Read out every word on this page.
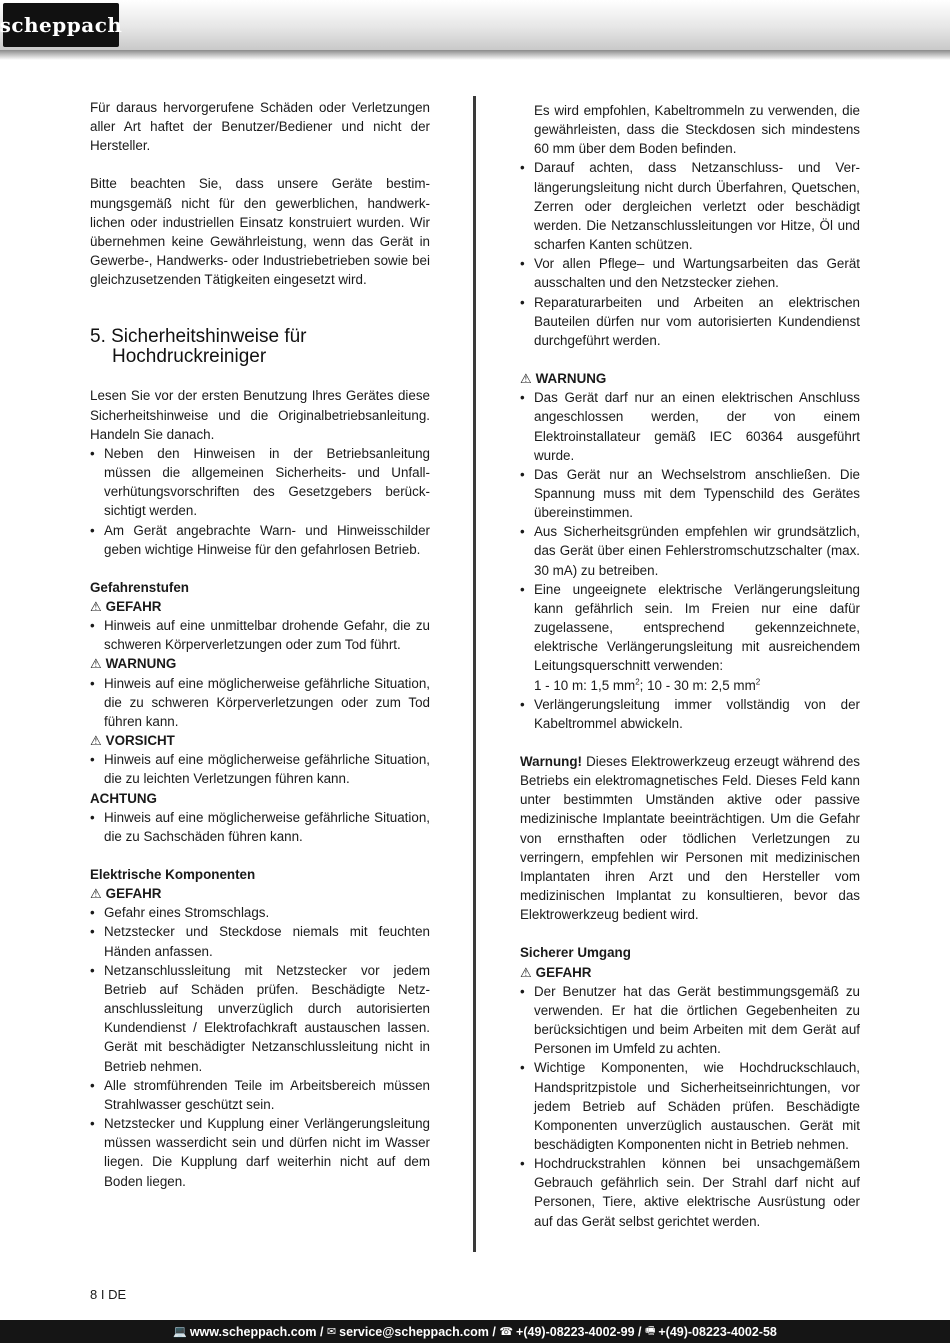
scheppach

Für daraus hervorgerufene Schäden oder Verletzungen aller Art haftet der Benutzer/Bediener und nicht der Hersteller.

Bitte beachten Sie, dass unsere Geräte bestimmungsgemäß nicht für den gewerblichen, handwerklichen oder industriellen Einsatz konstruiert wurden. Wir übernehmen keine Gewährleistung, wenn das Gerät in Gewerbe-, Handwerks- oder Industriebetrieben sowie bei gleichzusetzenden Tätigkeiten eingesetzt wird.

5. Sicherheitshinweise für Hochdruckreiniger

Lesen Sie vor der ersten Benutzung Ihres Gerätes diese Sicherheitshinweise und die Originalbetriebsanleitung. Handeln Sie danach.

• Neben den Hinweisen in der Betriebsanleitung müssen die allgemeinen Sicherheits- und Unfallverhütungsvorschriften des Gesetzgebers berücksichtigt werden.
• Am Gerät angebrachte Warn- und Hinweisschilder geben wichtige Hinweise für den gefahrlosen Betrieb.
Gefahrenstufen
⚠ GEFAHR
• Hinweis auf eine unmittelbar drohende Gefahr, die zu schweren Körperverletzungen oder zum Tod führt.
⚠ WARNUNG
• Hinweis auf eine möglicherweise gefährliche Situation, die zu schweren Körperverletzungen oder zum Tod führen kann.
⚠ VORSICHT
• Hinweis auf eine möglicherweise gefährliche Situation, die zu leichten Verletzungen führen kann.
ACHTUNG
• Hinweis auf eine möglicherweise gefährliche Situation, die zu Sachschäden führen kann.
Elektrische Komponenten
⚠ GEFAHR
• Gefahr eines Stromschlags.
• Netzstecker und Steckdose niemals mit feuchten Händen anfassen.
• Netzanschlussleitung mit Netzstecker vor jedem Betrieb auf Schäden prüfen. Beschädigte Netzanschlussleitung unverzüglich durch autorisierten Kundendienst / Elektrofachkraft austauschen lassen. Gerät mit beschädigter Netzanschlussleitung nicht in Betrieb nehmen.
• Alle stromführenden Teile im Arbeitsbereich müssen Strahlwasser geschützt sein.
• Netzstecker und Kupplung einer Verlängerungsleitung müssen wasserdicht sein und dürfen nicht im Wasser liegen. Die Kupplung darf weiterhin nicht auf dem Boden liegen.

Es wird empfohlen, Kabeltrommeln zu verwenden, die gewährleisten, dass die Steckdosen sich mindestens 60 mm über dem Boden befinden.

• Darauf achten, dass Netzanschluss- und Verlängerungsleitung nicht durch Überfahren, Quetschen, Zerren oder dergleichen verletzt oder beschädigt werden. Die Netzanschlussleitungen vor Hitze, Öl und scharfen Kanten schützen.
• Vor allen Pflege– und Wartungsarbeiten das Gerät ausschalten und den Netzstecker ziehen.
• Reparaturarbeiten und Arbeiten an elektrischen Bauteilen dürfen nur vom autorisierten Kundendienst durchgeführt werden.
⚠ WARNUNG
• Das Gerät darf nur an einen elektrischen Anschluss angeschlossen werden, der von einem Elektroinstallateur gemäß IEC 60364 ausgeführt wurde.
• Das Gerät nur an Wechselstrom anschließen. Die Spannung muss mit dem Typenschild des Gerätes übereinstimmen.
• Aus Sicherheitsgründen empfehlen wir grundsätzlich, das Gerät über einen Fehlerstromschutzschalter (max. 30 mA) zu betreiben.
• Eine ungeeignete elektrische Verlängerungsleitung kann gefährlich sein. Im Freien nur eine dafür zugelassene, entsprechend gekennzeichnete, elektrische Verlängerungsleitung mit ausreichendem Leitungsquerschnitt verwenden:
1 - 10 m: 1,5 $mm^2$; 10 - 30 m: 2,5 $mm^2$
• Verlängerungsleitung immer vollständig von der Kabeltrommel abwickeln.

Warnung! Dieses Elektrowerkzeug erzeugt während des Betriebs ein elektromagnetisches Feld. Dieses Feld kann unter bestimmten Umständen aktive oder passive medizinische Implantate beeinträchtigen. Um die Gefahr von ernsthaften oder tödlichen Verletzungen zu verringern, empfehlen wir Personen mit medizinischen Implantaten ihren Arzt und den Hersteller vom medizinischen Implantat zu konsultieren, bevor das Elektrowerkzeug bedient wird.

Sicherer Umgang
⚠ GEFAHR
• Der Benutzer hat das Gerät bestimmungsgemäß zu verwenden. Er hat die örtlichen Gegebenheiten zu berücksichtigen und beim Arbeiten mit dem Gerät auf Personen im Umfeld zu achten.
• Wichtige Komponenten, wie Hochdruckschlauch, Handspritzpistole und Sicherheitseinrichtungen, vor jedem Betrieb auf Schäden prüfen. Beschädigte Komponenten unverzüglich austauschen. Gerät mit beschädigten Komponenten nicht in Betrieb nehmen.
• Hochdruckstrahlen können bei unsachgemäßem Gebrauch gefährlich sein. Der Strahl darf nicht auf Personen, Tiere, aktive elektrische Ausrüstung oder auf das Gerät selbst gerichtet werden.
8 I DE
💻 www.scheppach.com /
✉ service@scheppach.com /
☎ +(49)-08223-4002-99 /
🖷 +(49)-08223-4002-58
